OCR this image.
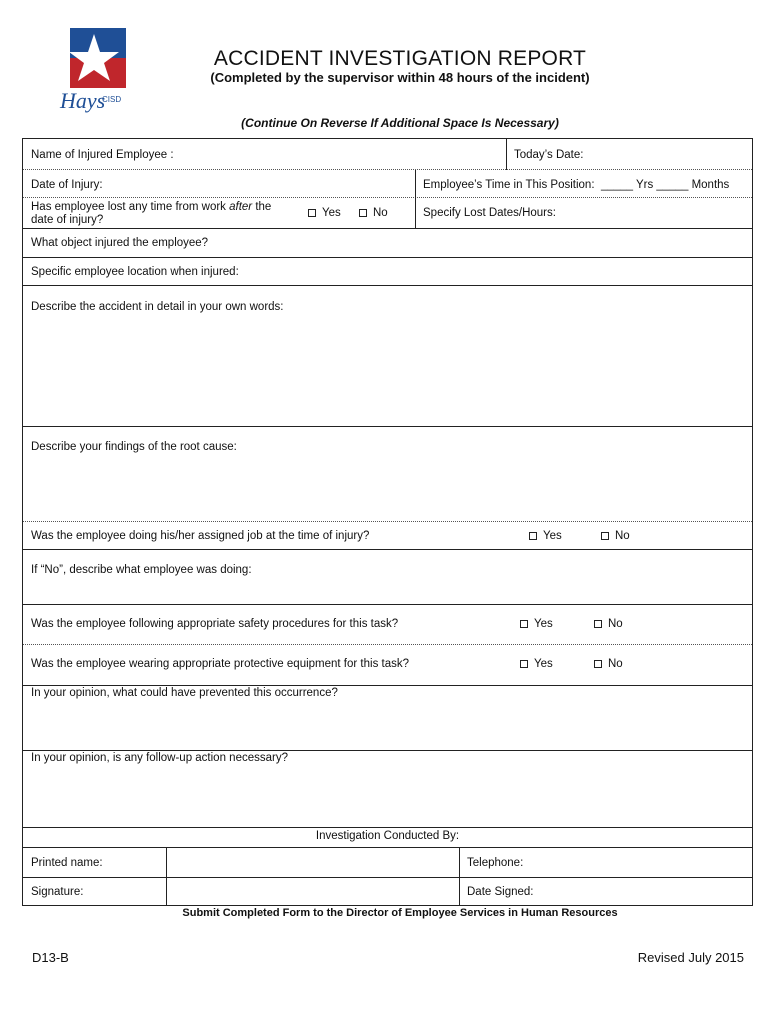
Hays
CISD
ACCIDENT INVESTIGATION REPORT
(Completed by the supervisor within 48 hours of the incident)
(Continue On Reverse If Additional Space Is Necessary)
Name of Injured Employee :	Today’s Date:
Date of Injury:	Employee’s Time in This Position: _____ Yrs _____ Months
Has employee lost any time from work after the
date of injury?
Yes	No	Specify Lost Dates/Hours:
What object injured the employee?
Specific employee location when injured:
Describe the accident in detail in your own words:
Describe your findings of the root cause:
Was the employee doing his/her assigned job at the time of injury?	Yes	No
If “No”, describe what employee was doing:
Was the employee following appropriate safety procedures for this task?	Yes	No
Was the employee wearing appropriate protective equipment for this task?	Yes	No
In your opinion, what could have prevented this occurrence?
In your opinion, is any follow-up action necessary?
Investigation Conducted By:
Printed name:	Telephone:
Signature:	Date Signed:
Submit Completed Form to the Director of Employee Services in Human Resources
D13-B	Revised July 2015
